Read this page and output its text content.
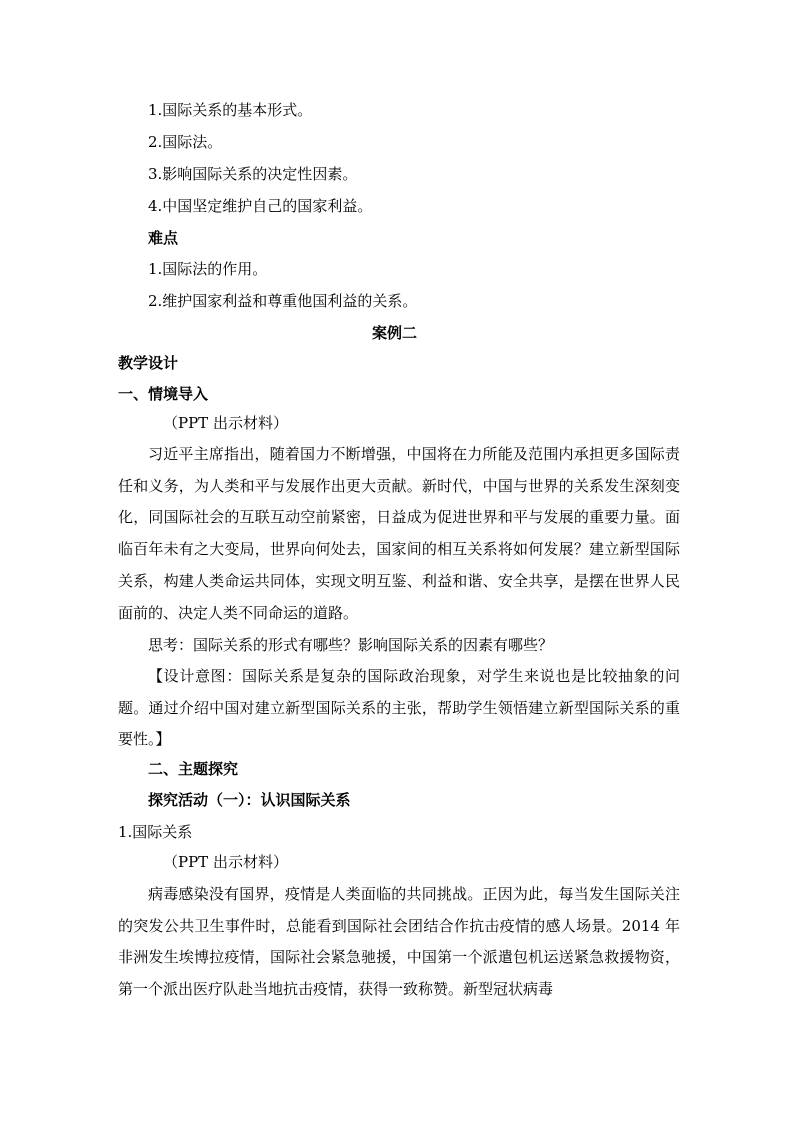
1.国际关系的基本形式。
2.国际法。
3.影响国际关系的决定性因素。
4.中国坚定维护自己的国家利益。
难点
1.国际法的作用。
2.维护国家利益和尊重他国利益的关系。
案例二
教学设计
一、情境导入
（PPT 出示材料）

习近平主席指出，随着国力不断增强，中国将在力所能及范围内承担更多国际责任和义务，为人类和平与发展作出更大贡献。新时代，中国与世界的关系发生深刻变化，同国际社会的互联互动空前紧密，日益成为促进世界和平与发展的重要力量。面临百年未有之大变局，世界向何处去，国家间的相互关系将如何发展？建立新型国际关系，构建人类命运共同体，实现文明互鉴、利益和谐、安全共享，是摆在世界人民面前的、决定人类不同命运的道路。

思考：国际关系的形式有哪些？影响国际关系的因素有哪些？

【设计意图：国际关系是复杂的国际政治现象，对学生来说也是比较抽象的问题。通过介绍中国对建立新型国际关系的主张，帮助学生领悟建立新型国际关系的重要性。】

二、主题探究
探究活动（一）：认识国际关系
1.国际关系
（PPT 出示材料）

病毒感染没有国界，疫情是人类面临的共同挑战。正因为此，每当发生国际关注的突发公共卫生事件时，总能看到国际社会团结合作抗击疫情的感人场景。2014 年非洲发生埃博拉疫情，国际社会紧急驰援，中国第一个派遣包机运送紧急救援物资，第一个派出医疗队赴当地抗击疫情，获得一致称赞。新型冠状病毒
